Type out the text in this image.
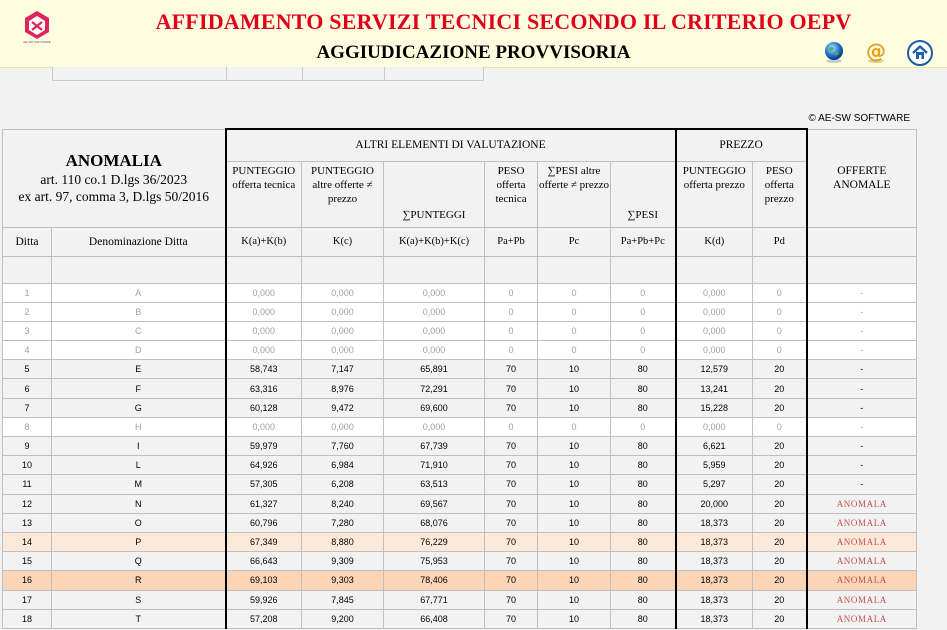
AE-SW SOFTWARE
AFFIDAMENTO SERVIZI TECNICI SECONDO IL CRITERIO OEPV
AGGIUDICAZIONE PROVVISORIA	@
© AE-SW SOFTWARE
ANOMALIA
art. 110 co.1 D.lgs 36/2023
ex art. 97, comma 3, D.lgs 50/2016		ALTRI ELEMENTI DI VALUTAZIONE						PREZZO		OFFERTE ANOMALE
		PUNTEGGIO offerta tecnica	PUNTEGGIO altre offerte ≠ prezzo	∑PUNTEGGI	PESO offerta tecnica	∑PESI altre offerte ≠ prezzo	∑PESI	PUNTEGGIO offerta prezzo	PESO offerta prezzo	
Ditta	Denominazione Ditta	K(a)+K(b)	K(c)	K(a)+K(b)+K(c)	Pa+Pb	Pc	Pa+Pb+Pc	K(d)	Pd	

1	A	0,000	0,000	0,000	0	0	0	0,000	0	-
2	B	0,000	0,000	0,000	0	0	0	0,000	0	-
3	C	0,000	0,000	0,000	0	0	0	0,000	0	-
4	D	0,000	0,000	0,000	0	0	0	0,000	0	-
5	E	58,743	7,147	65,891	70	10	80	12,579	20	-
6	F	63,316	8,976	72,291	70	10	80	13,241	20	-
7	G	60,128	9,472	69,600	70	10	80	15,228	20	-
8	H	0,000	0,000	0,000	0	0	0	0,000	0	-
9	I	59,979	7,760	67,739	70	10	80	6,621	20	-
10	L	64,926	6,984	71,910	70	10	80	5,959	20	-
11	M	57,305	6,208	63,513	70	10	80	5,297	20	-
12	N	61,327	8,240	69,567	70	10	80	20,000	20	ANOMALA
13	O	60,796	7,280	68,076	70	10	80	18,373	20	ANOMALA
14	P	67,349	8,880	76,229	70	10	80	18,373	20	ANOMALA
15	Q	66,643	9,309	75,953	70	10	80	18,373	20	ANOMALA
16	R	69,103	9,303	78,406	70	10	80	18,373	20	ANOMALA
17	S	59,926	7,845	67,771	70	10	80	18,373	20	ANOMALA
18	T	57,208	9,200	66,408	70	10	80	18,373	20	ANOMALA
